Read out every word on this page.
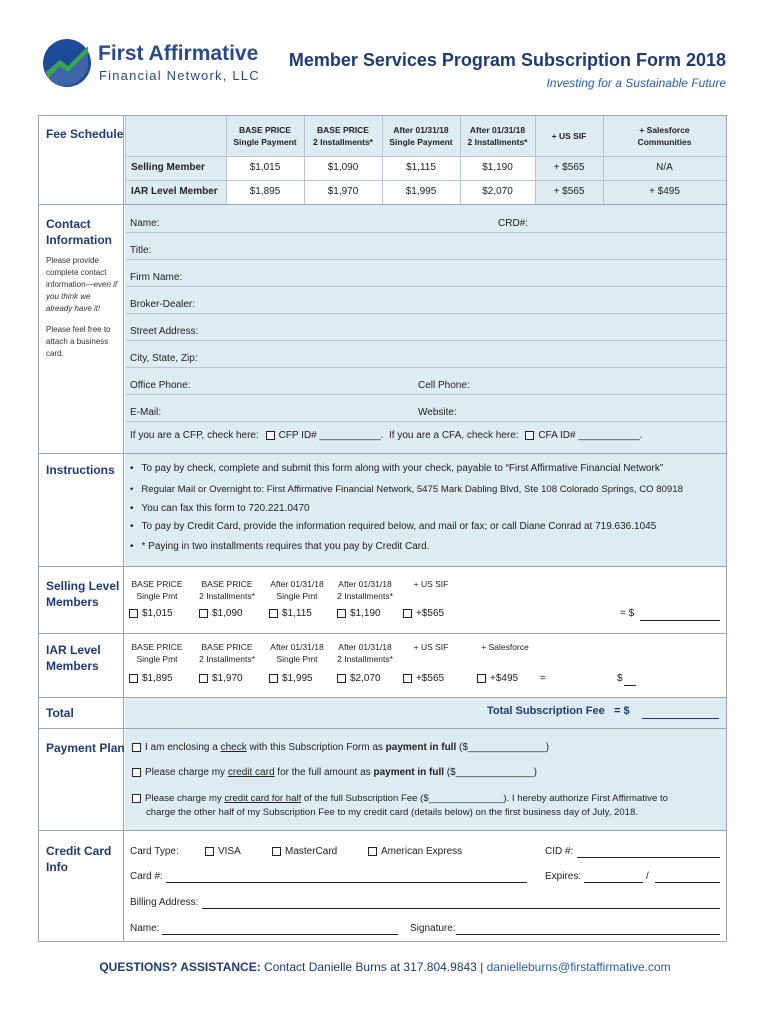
First Affirmative
Financial Network, LLC
Member Services Program Subscription Form 2018
Investing for a Sustainable Future
Fee Schedule	BASE PRICE
Single Payment
BASE PRICE
2 Installments*
After 01/31/18
Single Payment
After 01/31/18
2 Installments*
+ US SIF
+ Salesforce
Communities
Selling Member	$1,015	$1,090	$1,115	$1,190	+ $565	N/A
IAR Level Member	$1,895	$1,970	$1,995	$2,070	+ $565	+ $495
Contact
Information
Please provide complete contact information—even if you think we already have it!
Please feel free to attach a business card.
Name:	CRD#:
Title:
Firm Name:
Broker-Dealer:
Street Address:
City, State, Zip:
Office Phone:	Cell Phone:
E-Mail:	Website:
If you are a CFP, check here: CFP ID# ___________. If you are a CFA, check here: CFA ID# ___________.
Instructions
•	To pay by check, complete and submit this form along with your check, payable to “First Affirmative Financial Network”
• Regular Mail or Overnight to: First Affirmative Financial Network, 5475 Mark Dabling Blvd, Ste 108 Colorado Springs, CO 80918
• You can fax this form to 720.221.0470
• To pay by Credit Card, provide the information required below, and mail or fax; or call Diane Conrad at 719.636.1045
• * Paying in two installments requires that you pay by Credit Card.
Selling Level
Members
BASE PRICE
Single Pmt
BASE PRICE
2 Installments*
After 01/31/18
Single Pmt
After 01/31/18
2 Installments*
+ US SIF
$1,015	$1,090	$1,115	$1,190	+$565	= $
IAR Level
Members
BASE PRICE
Single Pmt
BASE PRICE
2 Installments*
After 01/31/18
Single Pmt
After 01/31/18
2 Installments*
+ US SIF	+ Salesforce
$1,895	$1,970	$1,995	$2,070	+$565	+$495 =	$
Total	Total Subscription Fee = $
Payment Plan	I am enclosing a check with this Subscription Form as payment in full ($______________)
Please charge my credit card for the full amount as payment in full ($______________)
Please charge my credit card for half of the full Subscription Fee ($______________). I hereby authorize First Affirmative to
charge the other half of my Subscription Fee to my credit card (details below) on the first business day of July, 2018.
Credit Card
Info
Card Type:	VISA	MasterCard	American Express	CID #:
Card #:	Expires:	/
Billing Address:
Name:	Signature:
QUESTIONS? ASSISTANCE: Contact Danielle Burns at 317.804.9843 | danielleburns@firstaffirmative.com
